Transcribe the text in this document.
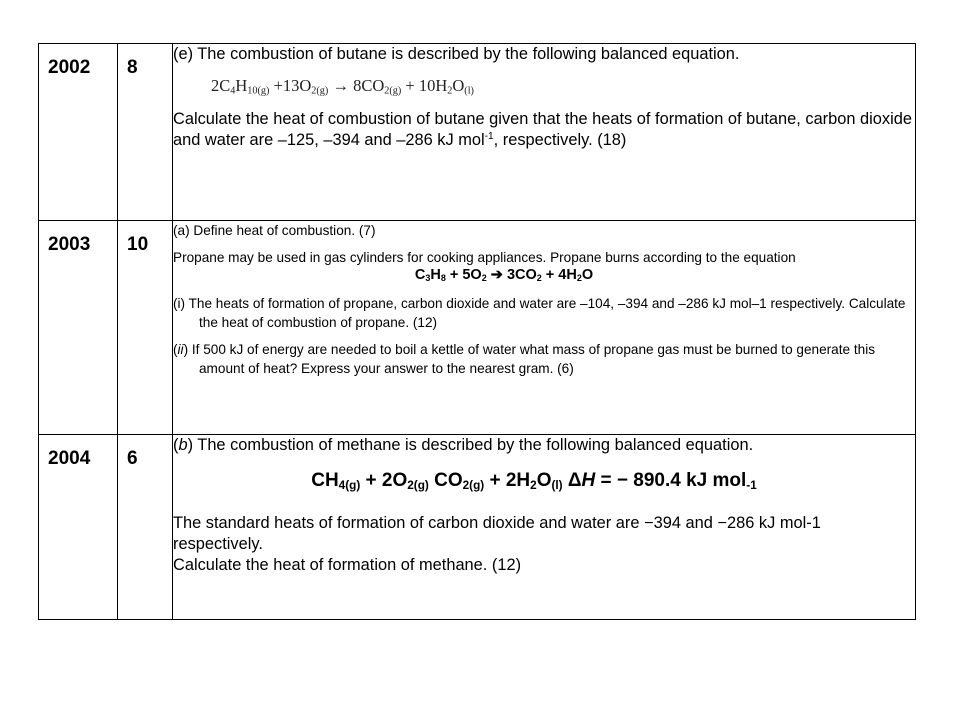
2002	8	(e) The combustion of butane is described by the following balanced equation.

$2C_4H_{10(g)} +13O_{2(g)} \to 8CO_{2(g)} + 10H_2O_{(l)}$

Calculate the heat of combustion of butane given that the heats of formation of butane, carbon dioxide and water are –125, –394 and –286 kJ mol$^{-1}$, respectively. (18)

2003	10	(a) Define heat of combustion. (7)

Propane may be used in gas cylinders for cooking appliances. Propane burns according to the equation

$C_3H_8 + 5O_2$ ➔ $3CO_2 + 4H_2O$

(i) The heats of formation of propane, carbon dioxide and water are –104, –394 and –286 kJ mol–1 respectively. Calculate the heat of combustion of propane. (12)

(ii) If 500 kJ of energy are needed to boil a kettle of water what mass of propane gas must be burned to generate this amount of heat? Express your answer to the nearest gram. (6)

2004	6	(b) The combustion of methane is described by the following balanced equation.

$CH_{4(g)} + 2O_{2(g)}$ $CO_{2(g)} + 2H_2O_{(l)}$ ΔH = − 890.4 kJ mol$_{-1}$

The standard heats of formation of carbon dioxide and water are −394 and −286 kJ mol-1 respectively.

Calculate the heat of formation of methane. (12)
